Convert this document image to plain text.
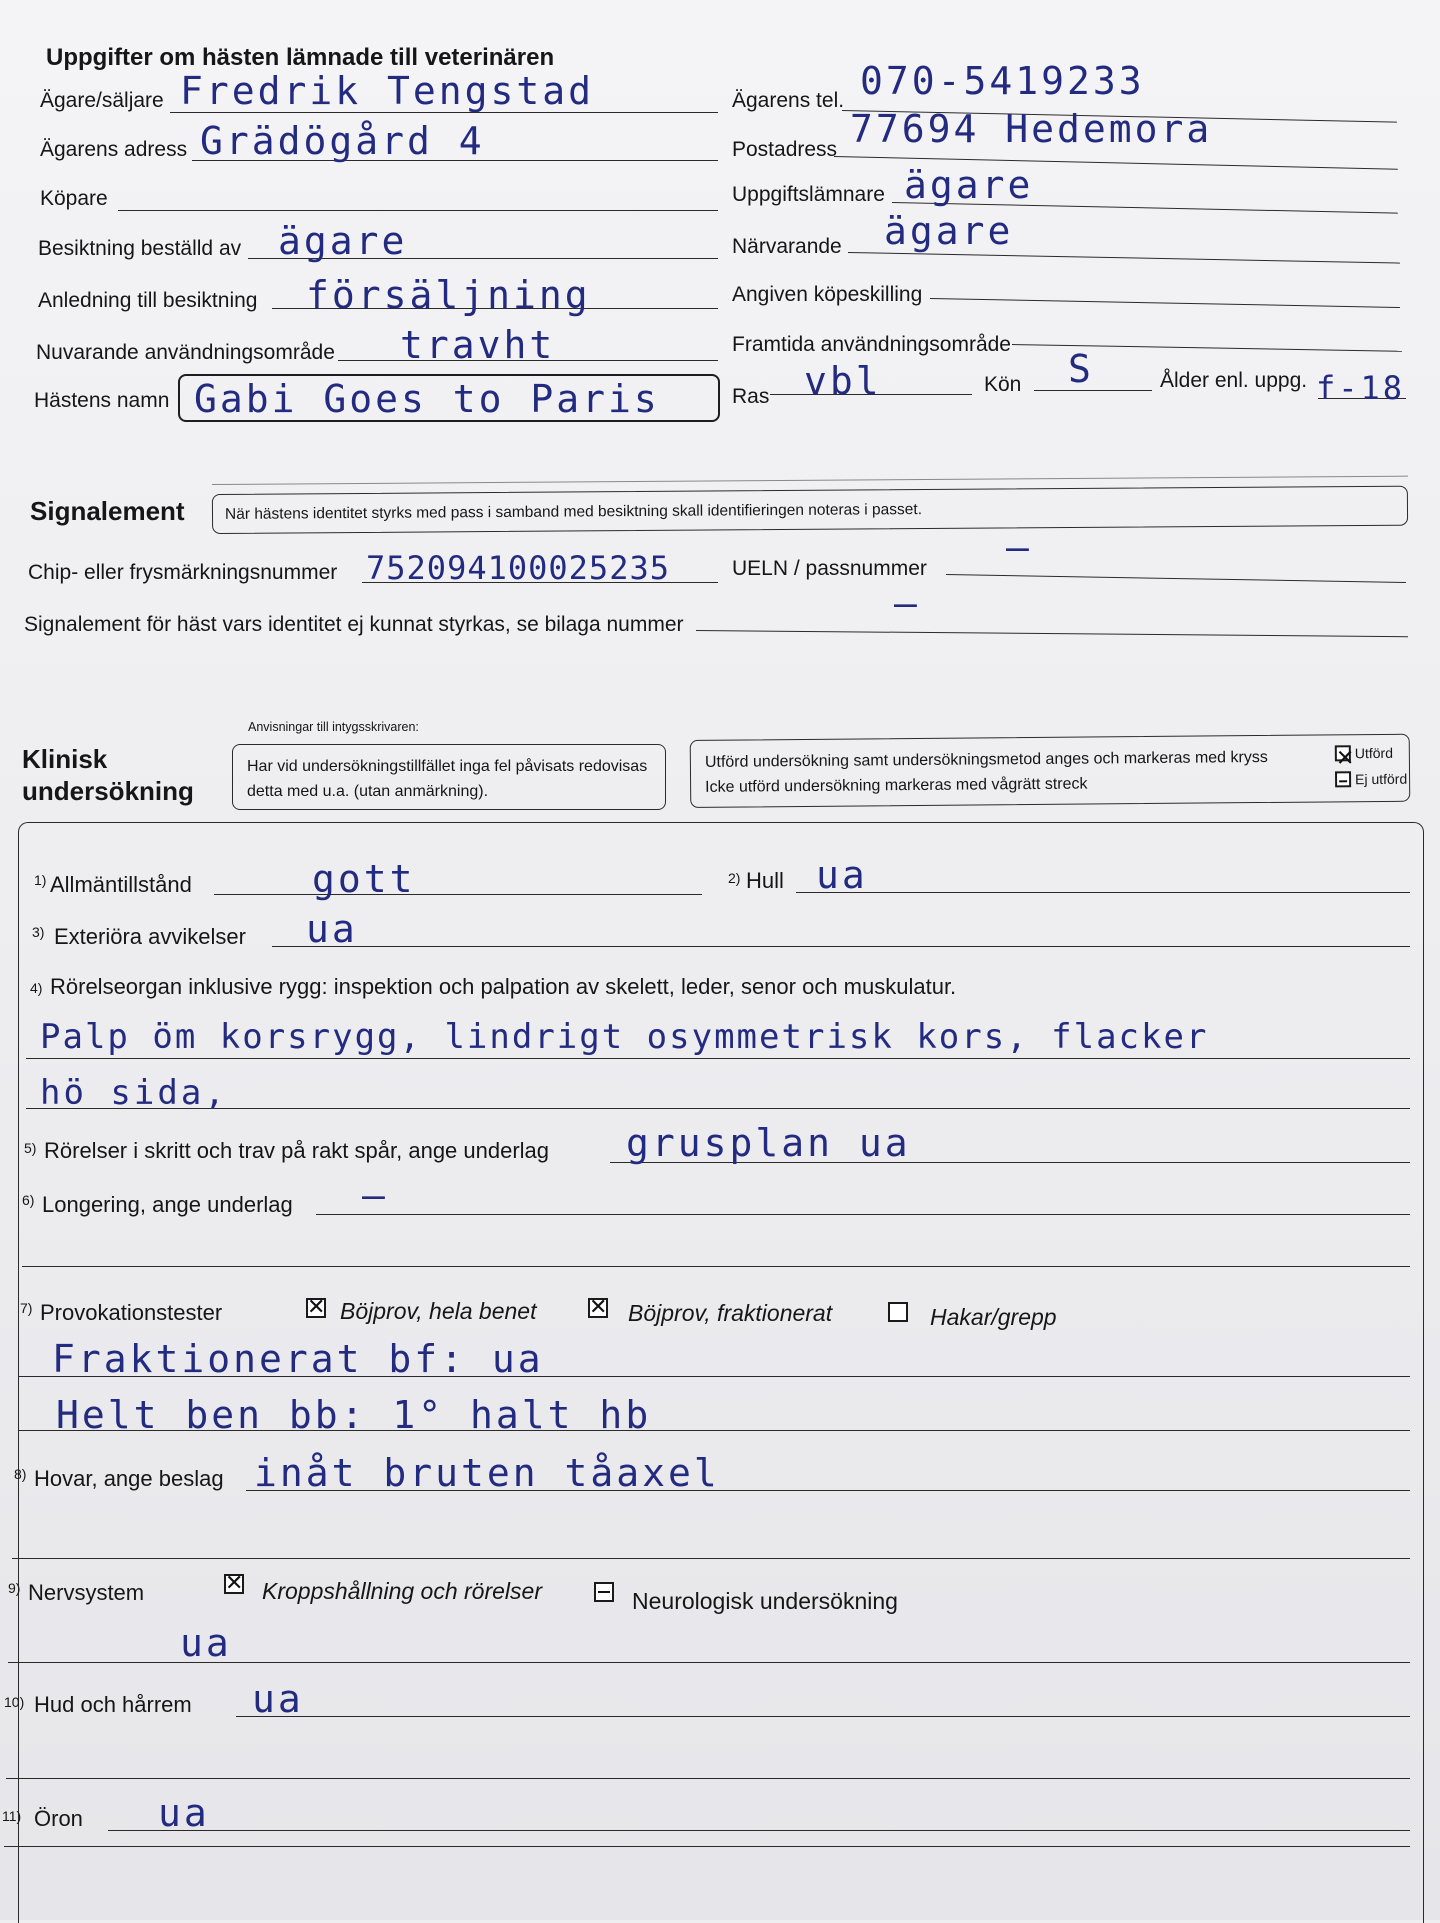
Uppgifter om hästen lämnade till veterinären
Ägare/säljare Fredrik Tengstad	Ägarens tel. 070-5419233
Ägarens adress Grädögård 4	Postadress 77694 Hedemora
Köpare	Uppgiftslämnare ägare
Besiktning beställd av ägare	Närvarande ägare
Anledning till besiktning försäljning	Angiven köpeskilling
Nuvarande användningsområde travht	Framtida användningsområde
Hästens namn Gabi Goes to Paris	Ras vbl	Kön S	Ålder enl. uppg. f-18
Signalement	När hästens identitet styrks med pass i samband med besiktning skall identifieringen noteras i passet.
Chip- eller frysmärkningsnummer 752094100025235	UELN / passnummer –
Signalement för häst vars identitet ej kunnat styrkas, se bilaga nummer	–
Anvisningar till intygsskrivaren:
Klinisk
undersökning
Har vid undersökningstillfället inga fel påvisats redovisas detta med u.a. (utan anmärkning).
Utförd undersökning samt undersökningsmetod anges och markeras med kryss
Icke utförd undersökning markeras med vågrätt streck
✕
Utförd
Ej utförd
1) Allmäntillstånd	gott	2) Hull ua
3) Exteriöra avvikelser ua
4) Rörelseorgan inklusive rygg: inspektion och palpation av skelett, leder, senor och muskulatur.
Palp öm korsrygg, lindrigt osymmetrisk kors, flacker
hö sida,
5) Rörelser i skritt och trav på rakt spår, ange underlag grusplan ua
6) Longering, ange underlag –
7) Provokationstester ✕	Böjprov, hela benet ✕	Böjprov, fraktionerat	Hakar/grepp
Fraktionerat bf: ua
Helt ben bb: 1° halt hb
8) Hovar, ange beslag inåt bruten tåaxel
9) Nervsystem ✕	Kroppshållning och rörelser	Neurologisk undersökning
ua
10) Hud och hårrem ua
11) Öron ua
